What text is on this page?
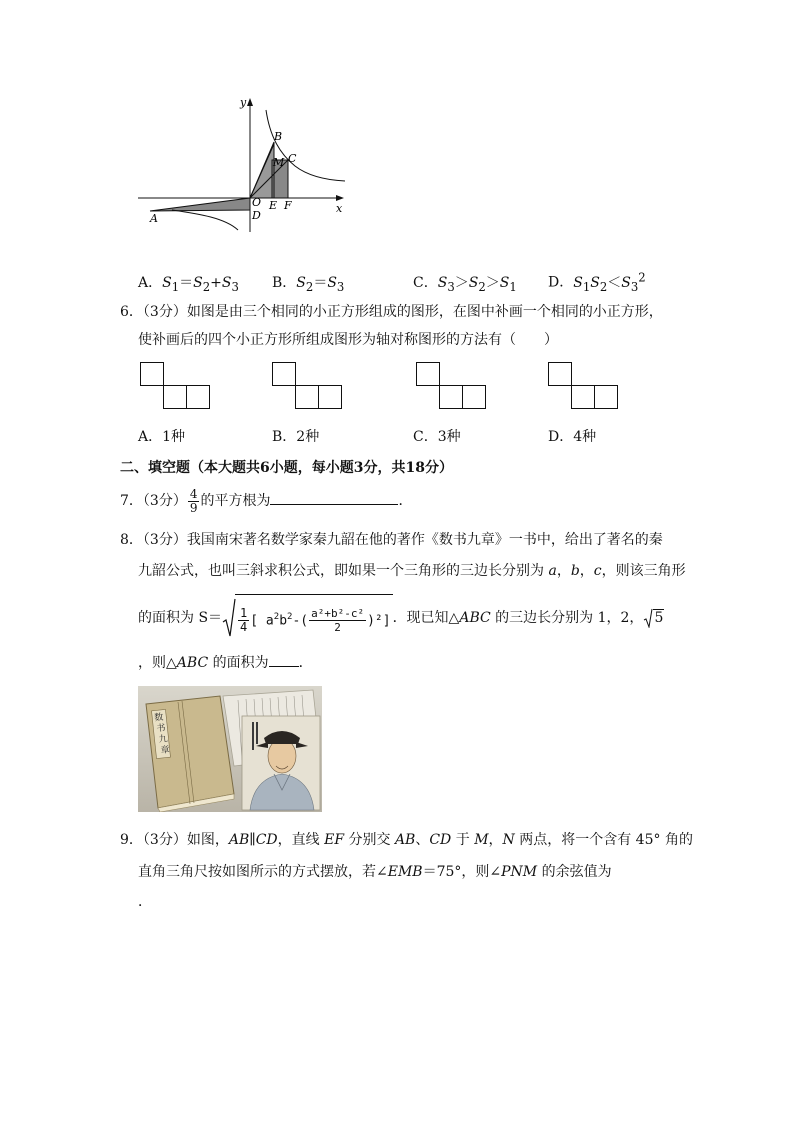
y
x
A
B
C
M
O
D
E F
A．$S_1=S_2+S_3$ B．$S_2=S_3$	C．$S_3>S_2>S_1$ D．$S_1S_2<S_3^2$
6．（3分）如图是由三个相同的小正方形组成的图形，在图中补画一个相同的小正方形，
使补画后的四个小正方形所组成图形为轴对称图形的方法有（　　）
A．1种	B．2种	C．3种	D．4种
二、填空题（本大题共6小题，每小题3分，共18分）
7．（3分） $\frac{4}{9}$ 的平方根为	．
8．（3分）我国南宋著名数学家秦九韶在他的著作《数书九章》一书中，给出了著名的秦
九韶公式，也叫三斜求积公式，即如果一个三角形的三边长分别为 a，b，c，则该三角形
的面积为 $S= \frac{1}{4}$ [ $a^2b^2-( \frac{\text{a²+b²-c²}}{2} )^2$] ．现已知△ABC 的三边长分别为 1，2， 5
，则△ABC 的面积为 ．
数
书
九
章
9．（3分）如图，AB∥CD，直线 EF 分别交 AB、CD 于 M，N 两点，将一个含有 45° 角的
直角三角尺按如图所示的方式摆放，若∠EMB＝75°，则∠PNM 的余弦值为
．
